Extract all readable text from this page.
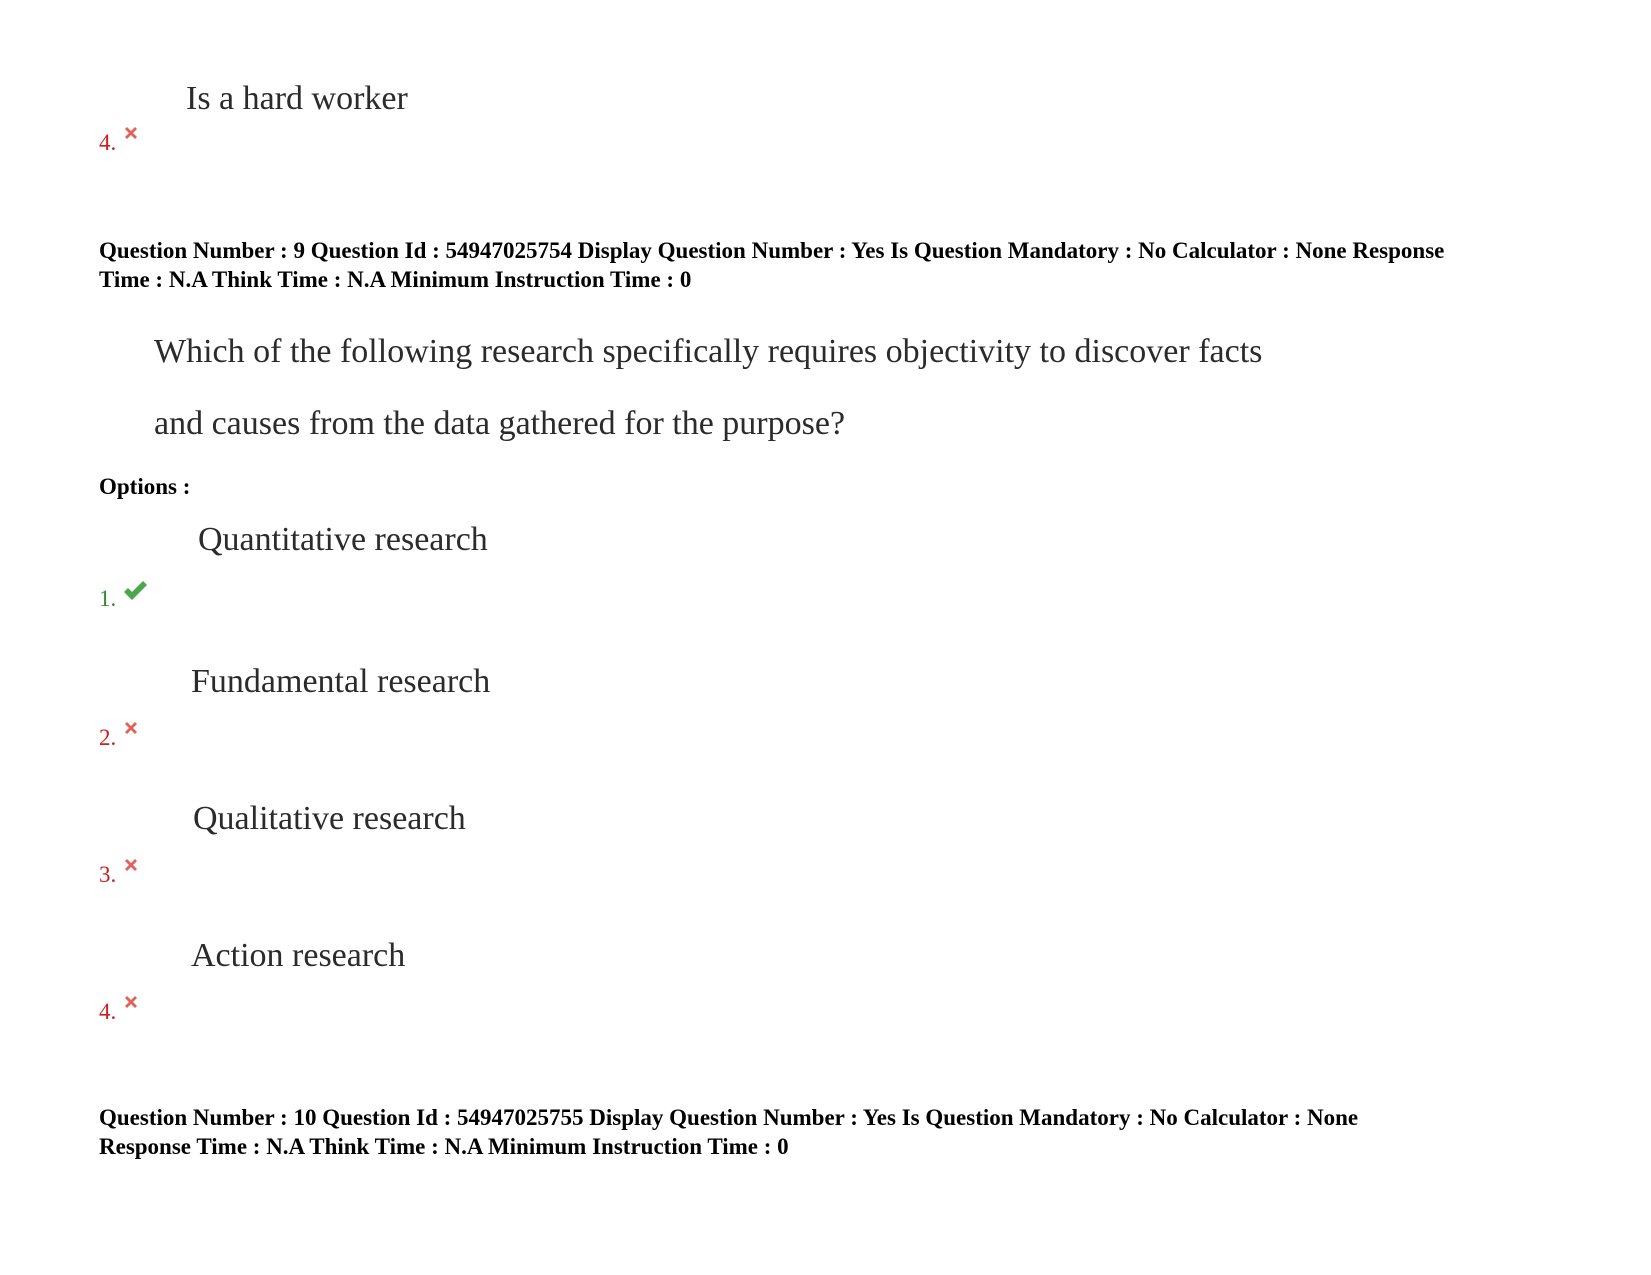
Is a hard worker
4.

Question Number : 9 Question Id : 54947025754 Display Question Number : Yes Is Question Mandatory : No Calculator : None Response
Time : N.A Think Time : N.A Minimum Instruction Time : 0

Which of the following research specifically requires objectivity to discover facts
and causes from the data gathered for the purpose?

Options :

Quantitative research
1.
Fundamental research
2.
Qualitative research
3.
Action research
4.

Question Number : 10 Question Id : 54947025755 Display Question Number : Yes Is Question Mandatory : No Calculator : None
Response Time : N.A Think Time : N.A Minimum Instruction Time : 0
